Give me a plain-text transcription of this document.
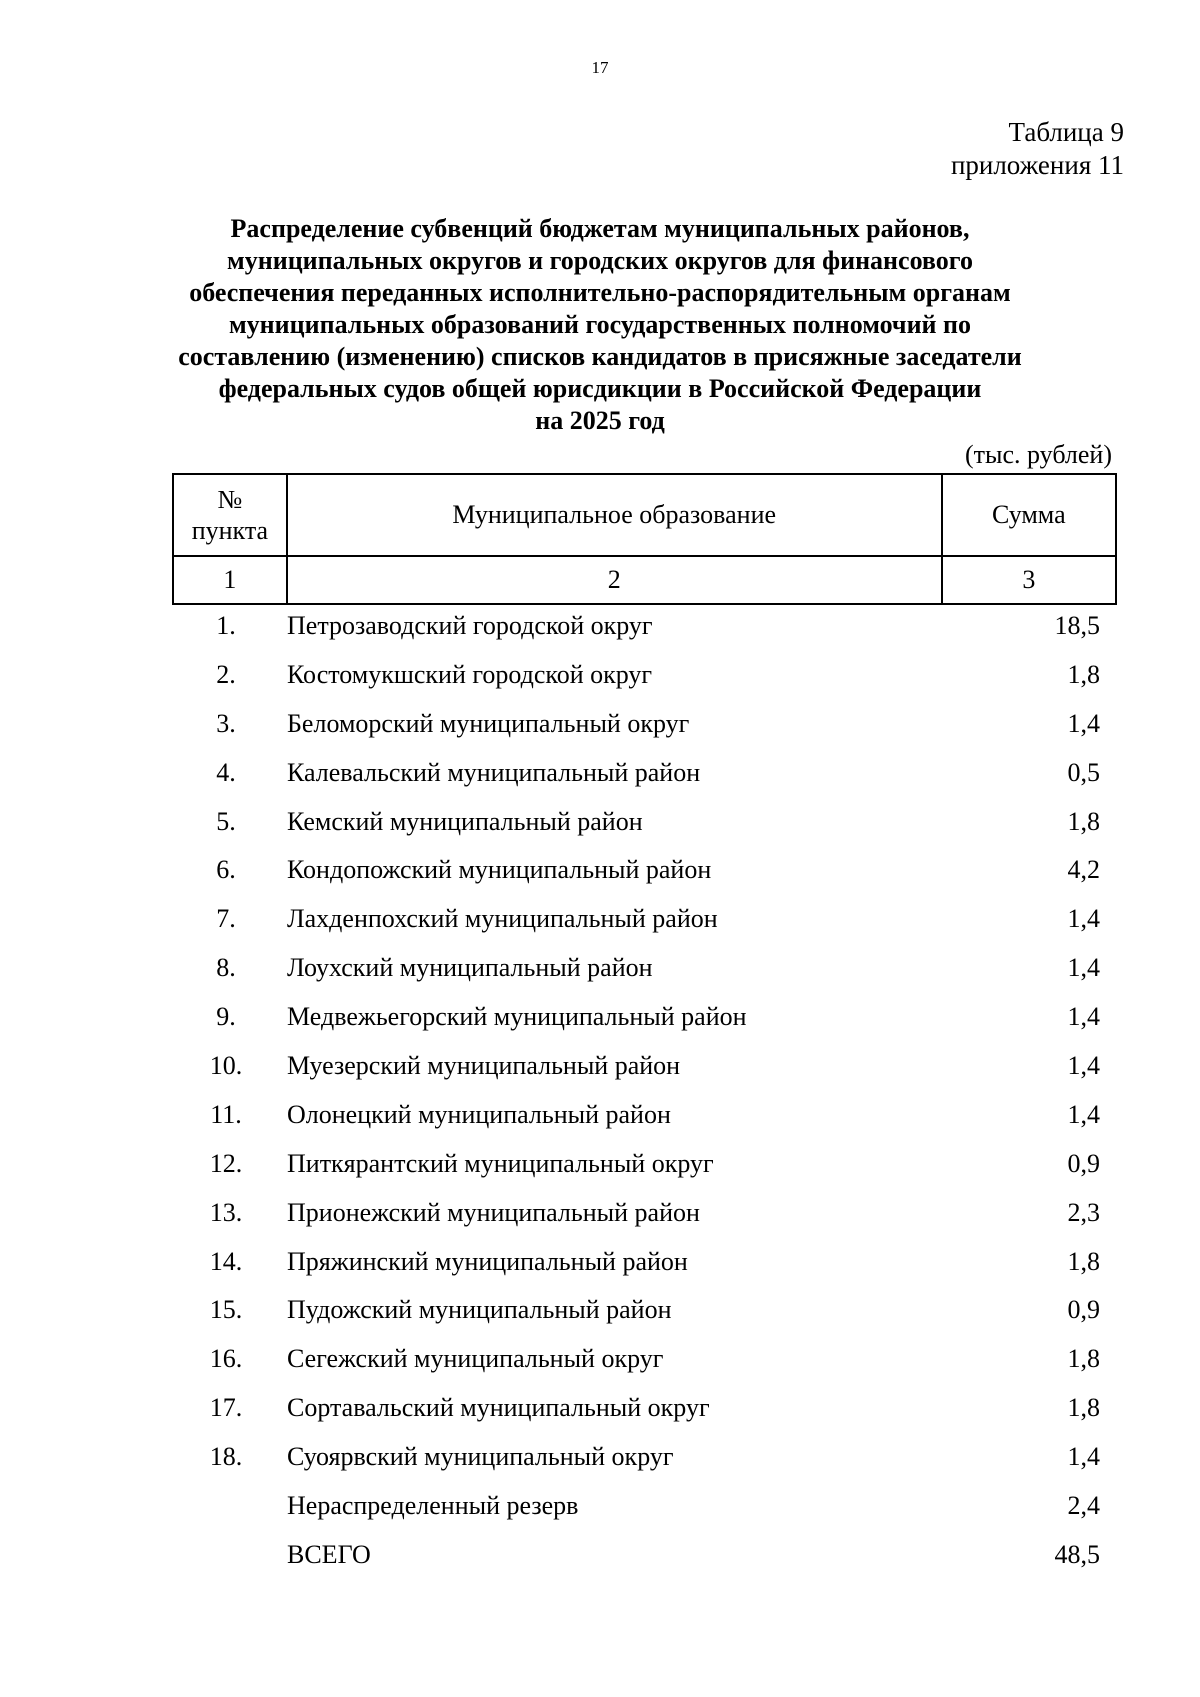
17
Таблица 9
приложения 11
Распределение субвенций бюджетам муниципальных районов,
муниципальных округов и городских округов для финансового
обеспечения переданных исполнительно-распорядительным органам
муниципальных образований государственных полномочий по
составлению (изменению) списков кандидатов в присяжные заседатели
федеральных судов общей юрисдикции в Российской Федерации
на 2025 год
(тыс. рублей)
№
пункта	Муниципальное образование	Сумма
1	2	3
1.	Петрозаводский городской округ	18,5
2.	Костомукшский городской округ	1,8
3.	Беломорский муниципальный округ	1,4
4.	Калевальский муниципальный район	0,5
5.	Кемский муниципальный район	1,8
6.	Кондопожский муниципальный район	4,2
7.	Лахденпохский муниципальный район	1,4
8.	Лоухский муниципальный район	1,4
9.	Медвежьегорский муниципальный район	1,4
10.	Муезерский муниципальный район	1,4
11.	Олонецкий муниципальный район	1,4
12.	Питкярантский муниципальный округ	0,9
13.	Прионежский муниципальный район	2,3
14.	Пряжинский муниципальный район	1,8
15.	Пудожский муниципальный район	0,9
16.	Сегежский муниципальный округ	1,8
17.	Сортавальский муниципальный округ	1,8
18.	Суоярвский муниципальный округ	1,4
Нераспределенный резерв	2,4
ВСЕГО	48,5
